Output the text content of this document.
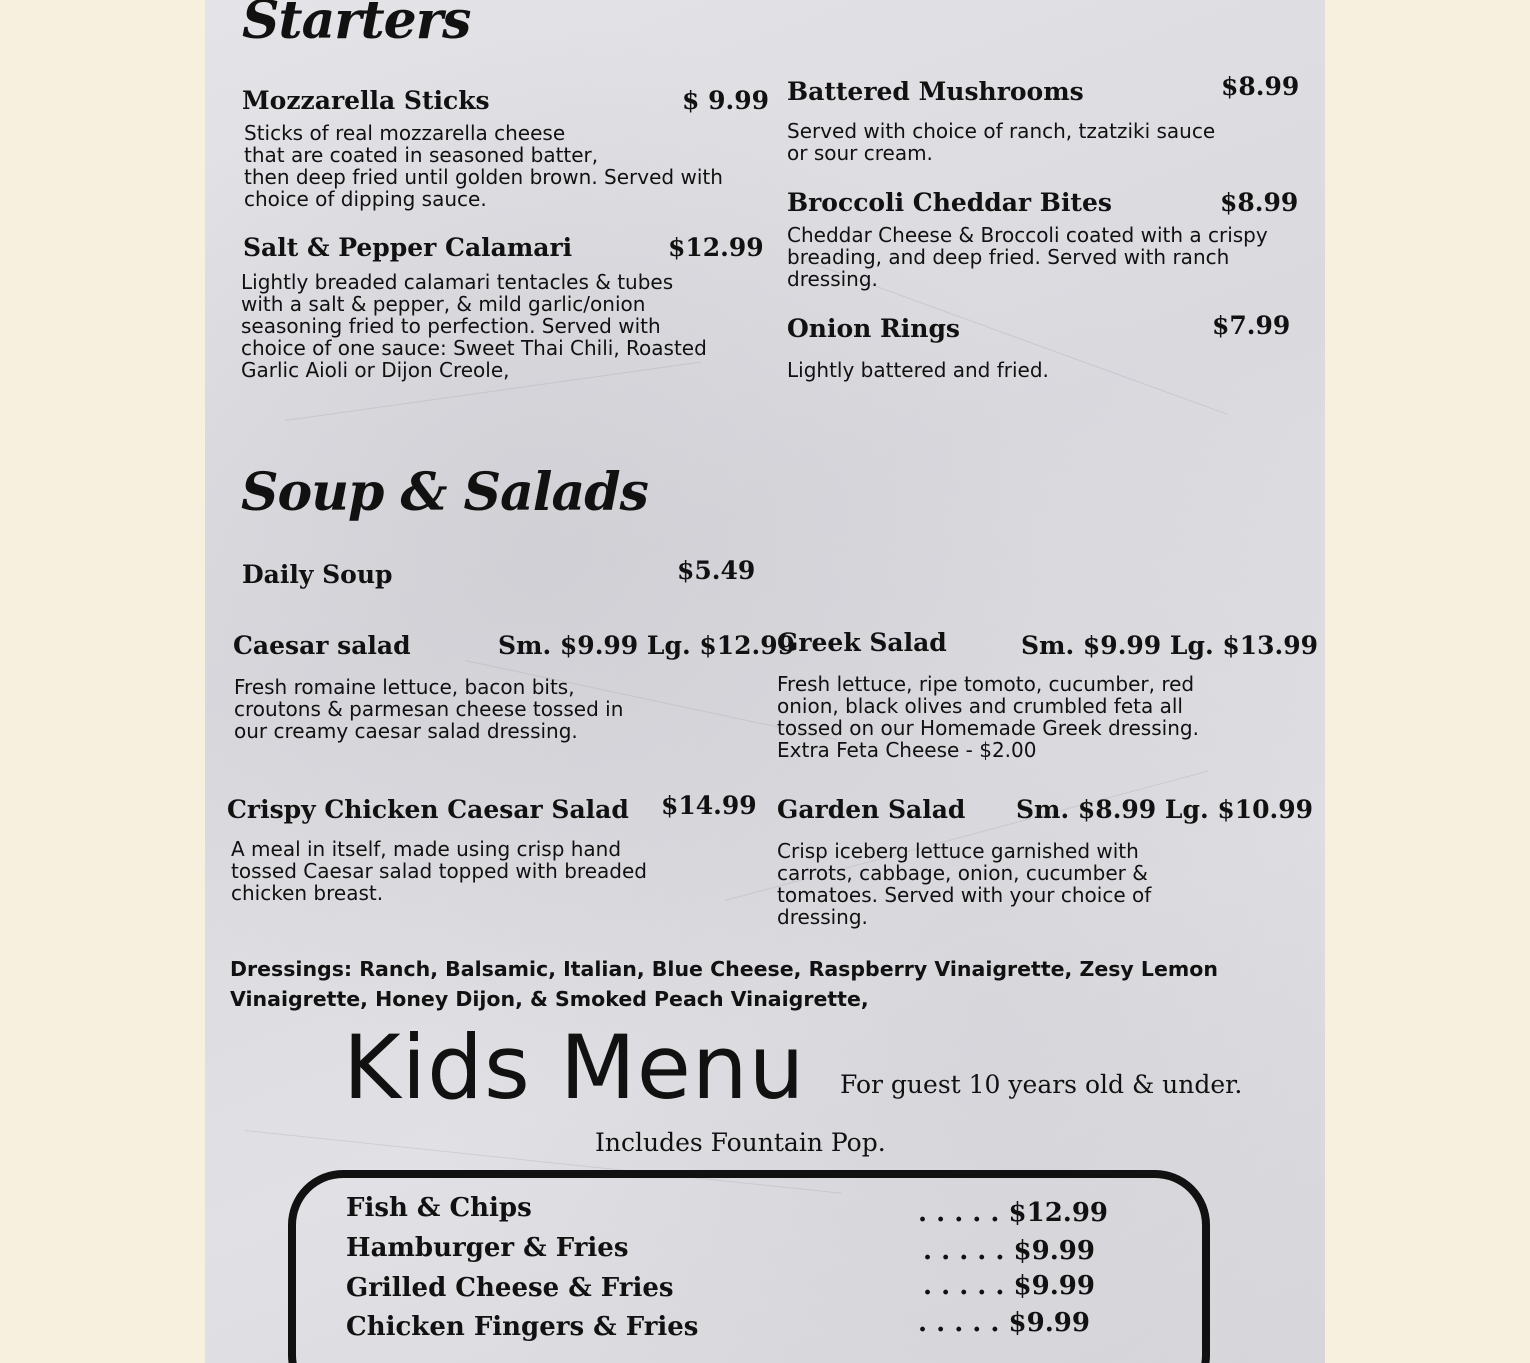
Starters
Mozzarella Sticks	$ 9.99
Sticks of real mozzarella cheese
that are coated in seasoned batter,
then deep fried until golden brown. Served with
choice of dipping sauce.
Salt & Pepper Calamari	$12.99
Lightly breaded calamari tentacles & tubes
with a salt & pepper, & mild garlic/onion
seasoning fried to perfection. Served with
choice of one sauce: Sweet Thai Chili, Roasted
Garlic Aioli or Dijon Creole,
Battered Mushrooms	$8.99
Served with choice of ranch, tzatziki sauce
or sour cream.
Broccoli Cheddar Bites	$8.99
Cheddar Cheese & Broccoli coated with a crispy
breading, and deep fried. Served with ranch
dressing.
Onion Rings	$7.99
Lightly battered and fried.
Soup & Salads
Daily Soup	$5.49
Caesar salad	Sm. $9.99 Lg. $12.99
Fresh romaine lettuce, bacon bits,
croutons & parmesan cheese tossed in
our creamy caesar salad dressing.
Greek Salad	Sm. $9.99 Lg. $13.99
Fresh lettuce, ripe tomoto, cucumber, red
onion, black olives and crumbled feta all
tossed on our Homemade Greek dressing.
Extra Feta Cheese - $2.00
Crispy Chicken Caesar Salad $14.99
A meal in itself, made using crisp hand
tossed Caesar salad topped with breaded
chicken breast.
Garden Salad Sm. $8.99 Lg. $10.99
Crisp iceberg lettuce garnished with
carrots, cabbage, onion, cucumber &
tomatoes. Served with your choice of
dressing.
Dressings: Ranch, Balsamic, Italian, Blue Cheese, Raspberry Vinaigrette, Zesy Lemon Vinaigrette, Honey Dijon, & Smoked Peach Vinaigrette,
Kids Menu For guest 10 years old & under.
Includes Fountain Pop.
Fish & Chips	. . . . . $12.99
Hamburger & Fries	. . . . . $9.99
Grilled Cheese & Fries	. . . . . $9.99
Chicken Fingers & Fries	. . . . . $9.99
